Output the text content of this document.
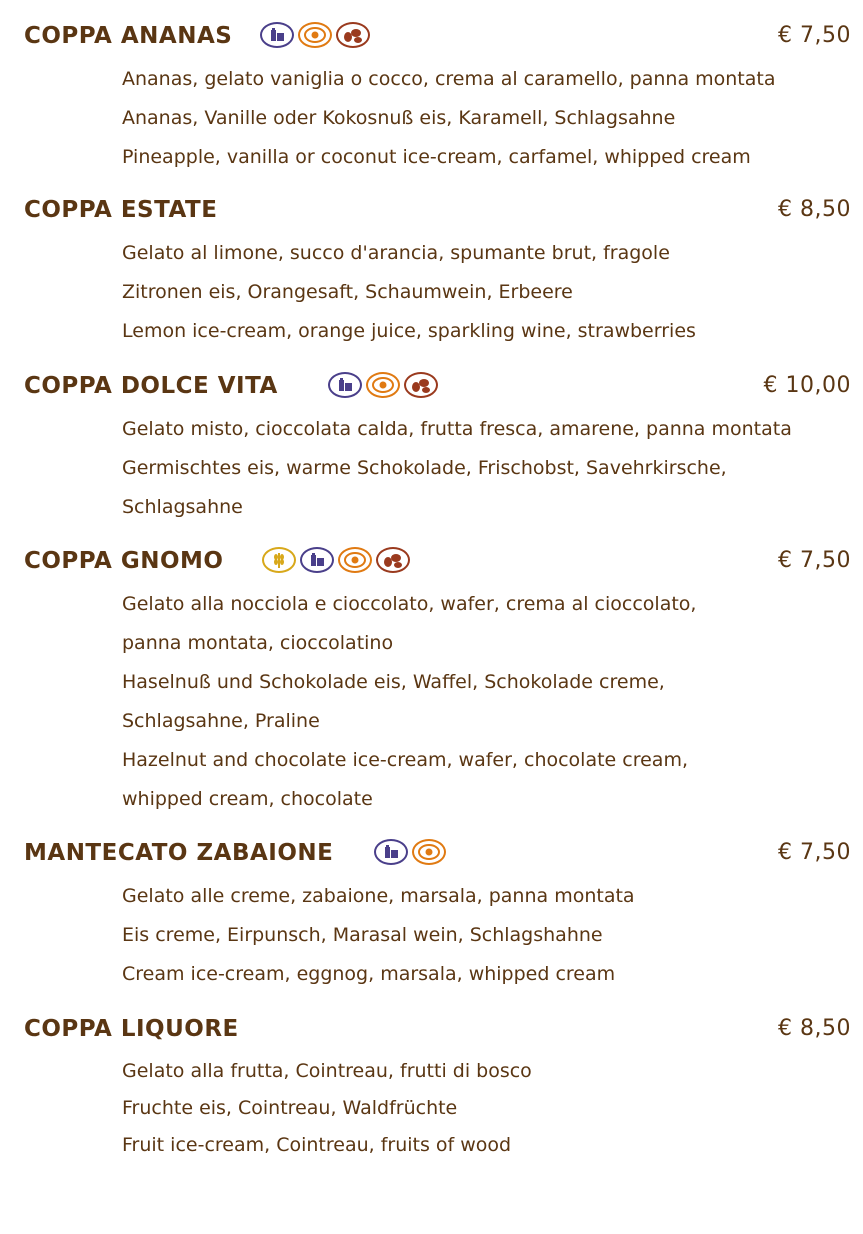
COPPA ANANAS	€ 7,50
Ananas, gelato vaniglia o cocco, crema al caramello, panna montata
Ananas, Vanille oder Kokosnuß eis, Karamell, Schlagsahne
Pineapple, vanilla or coconut ice-cream, carfamel, whipped cream
COPPA ESTATE	€ 8,50
Gelato al limone, succo d'arancia, spumante brut, fragole
Zitronen eis, Orangesaft, Schaumwein, Erbeere
Lemon ice-cream, orange juice, sparkling wine, strawberries
COPPA DOLCE VITA	€ 10,00
Gelato misto, cioccolata calda, frutta fresca, amarene, panna montata
Germischtes eis, warme Schokolade, Frischobst, Savehrkirsche,
Schlagsahne
COPPA GNOMO	€ 7,50
Gelato alla nocciola e cioccolato, wafer, crema al cioccolato,
panna montata, cioccolatino
Haselnuß und Schokolade eis, Waffel, Schokolade creme,
Schlagsahne, Praline
Hazelnut and chocolate ice-cream, wafer, chocolate cream,
whipped cream, chocolate
MANTECATO ZABAIONE	€ 7,50
Gelato alle creme, zabaione, marsala, panna montata
Eis creme, Eirpunsch, Marasal wein, Schlagshahne
Cream ice-cream, eggnog, marsala, whipped cream
COPPA LIQUORE	€ 8,50
Gelato alla frutta, Cointreau, frutti di bosco
Fruchte eis, Cointreau, Waldfrüchte
Fruit ice-cream, Cointreau, fruits of wood
